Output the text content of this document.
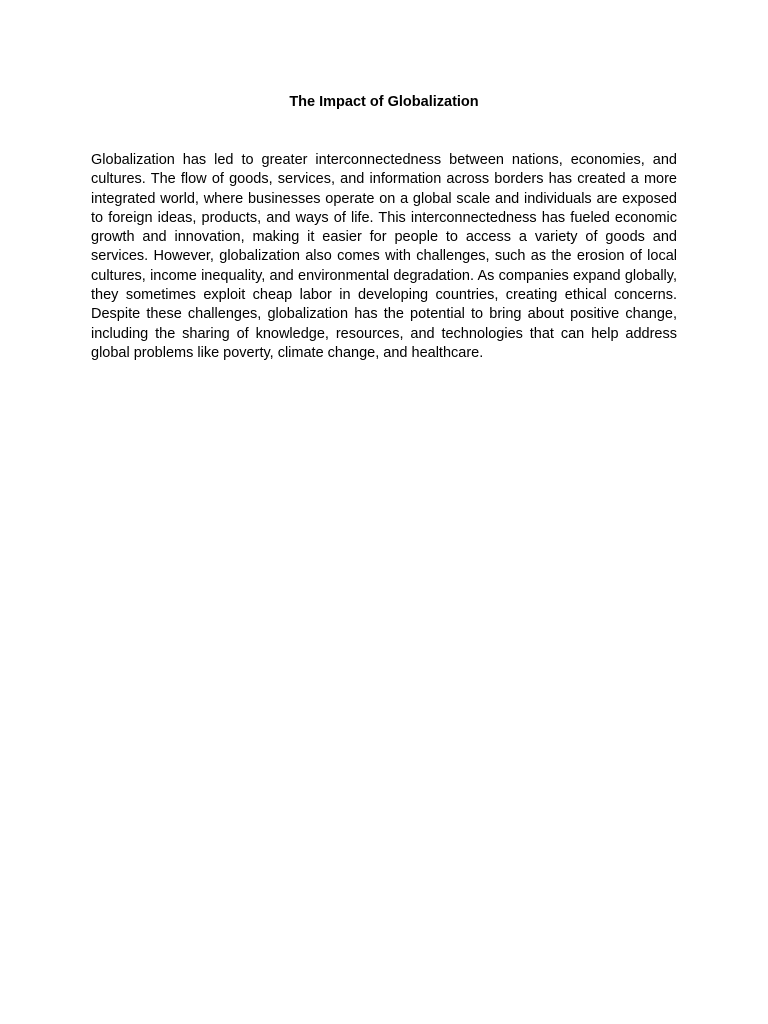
The Impact of Globalization

Globalization has led to greater interconnectedness between nations, economies, and cultures. The flow of goods, services, and information across borders has created a more integrated world, where businesses operate on a global scale and individuals are exposed to foreign ideas, products, and ways of life. This interconnectedness has fueled economic growth and innovation, making it easier for people to access a variety of goods and services. However, globalization also comes with challenges, such as the erosion of local cultures, income inequality, and environmental degradation. As companies expand globally, they sometimes exploit cheap labor in developing countries, creating ethical concerns. Despite these challenges, globalization has the potential to bring about positive change, including the sharing of knowledge, resources, and technologies that can help address global problems like poverty, climate change, and healthcare.
